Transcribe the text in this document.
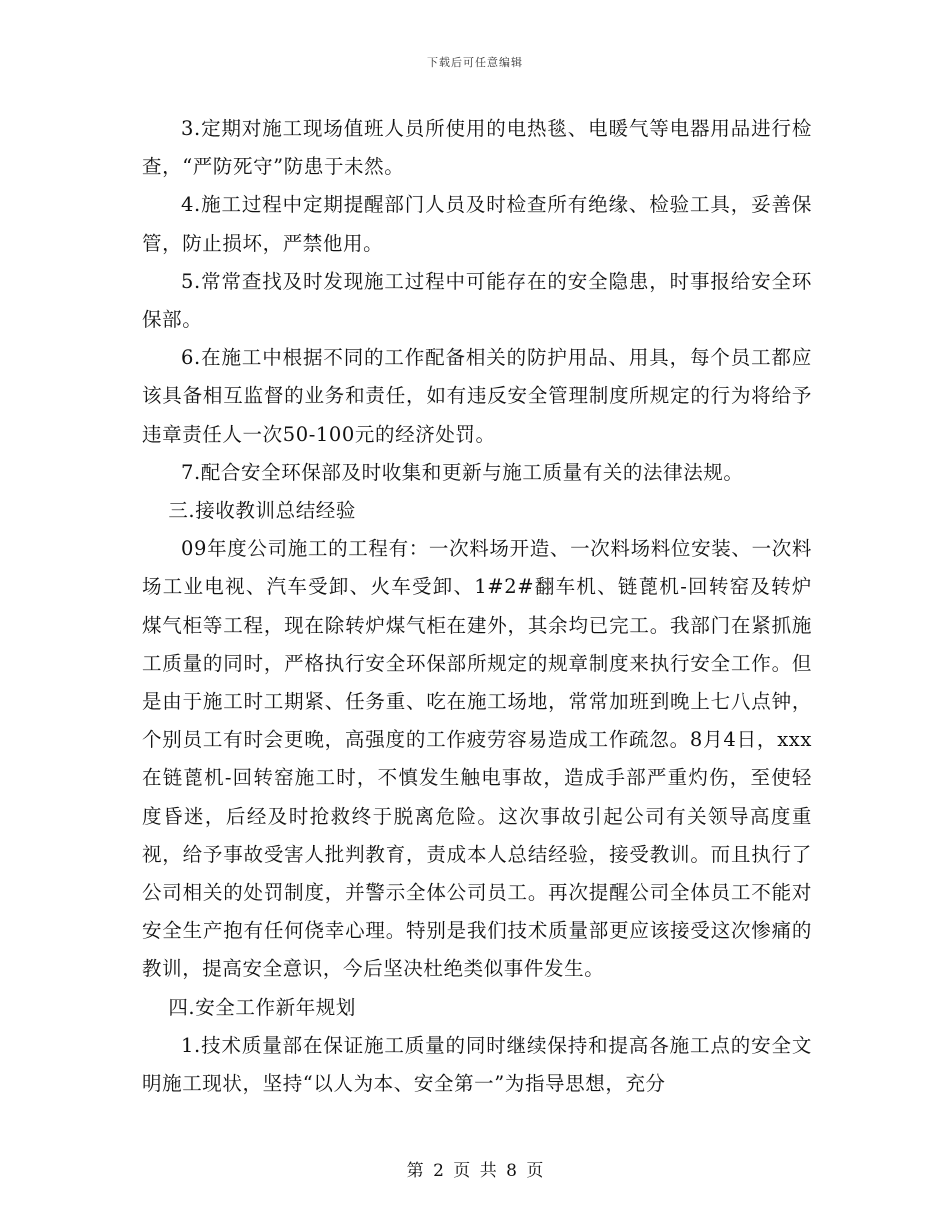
下载后可任意编辑

3.定期对施工现场值班人员所使用的电热毯、电暖气等电器用品进行检查，“严防死守”防患于未然。

4.施工过程中定期提醒部门人员及时检查所有绝缘、检验工具，妥善保管，防止损坏，严禁他用。

5.常常查找及时发现施工过程中可能存在的安全隐患，时事报给安全环保部。

6.在施工中根据不同的工作配备相关的防护用品、用具，每个员工都应该具备相互监督的业务和责任，如有违反安全管理制度所规定的行为将给予违章责任人一次50-100元的经济处罚。

7.配合安全环保部及时收集和更新与施工质量有关的法律法规。

三.接收教训总结经验

09年度公司施工的工程有：一次料场开造、一次料场料位安装、一次料场工业电视、汽车受卸、火车受卸、1#2#翻车机、链蓖机-回转窑及转炉煤气柜等工程，现在除转炉煤气柜在建外，其余均已完工。我部门在紧抓施工质量的同时，严格执行安全环保部所规定的规章制度来执行安全工作。但是由于施工时工期紧、任务重、吃在施工场地，常常加班到晚上七八点钟，个别员工有时会更晚，高强度的工作疲劳容易造成工作疏忽。8月4日，xxx在链蓖机-回转窑施工时，不慎发生触电事故，造成手部严重灼伤，至使轻度昏迷，后经及时抢救终于脱离危险。这次事故引起公司有关领导高度重视，给予事故受害人批判教育，责成本人总结经验，接受教训。而且执行了公司相关的处罚制度，并警示全体公司员工。再次提醒公司全体员工不能对安全生产抱有任何侥幸心理。特别是我们技术质量部更应该接受这次惨痛的教训，提高安全意识，今后坚决杜绝类似事件发生。

四.安全工作新年规划

1.技术质量部在保证施工质量的同时继续保持和提高各施工点的安全文明施工现状，坚持“以人为本、安全第一”为指导思想，充分

第 2 页 共 8 页
